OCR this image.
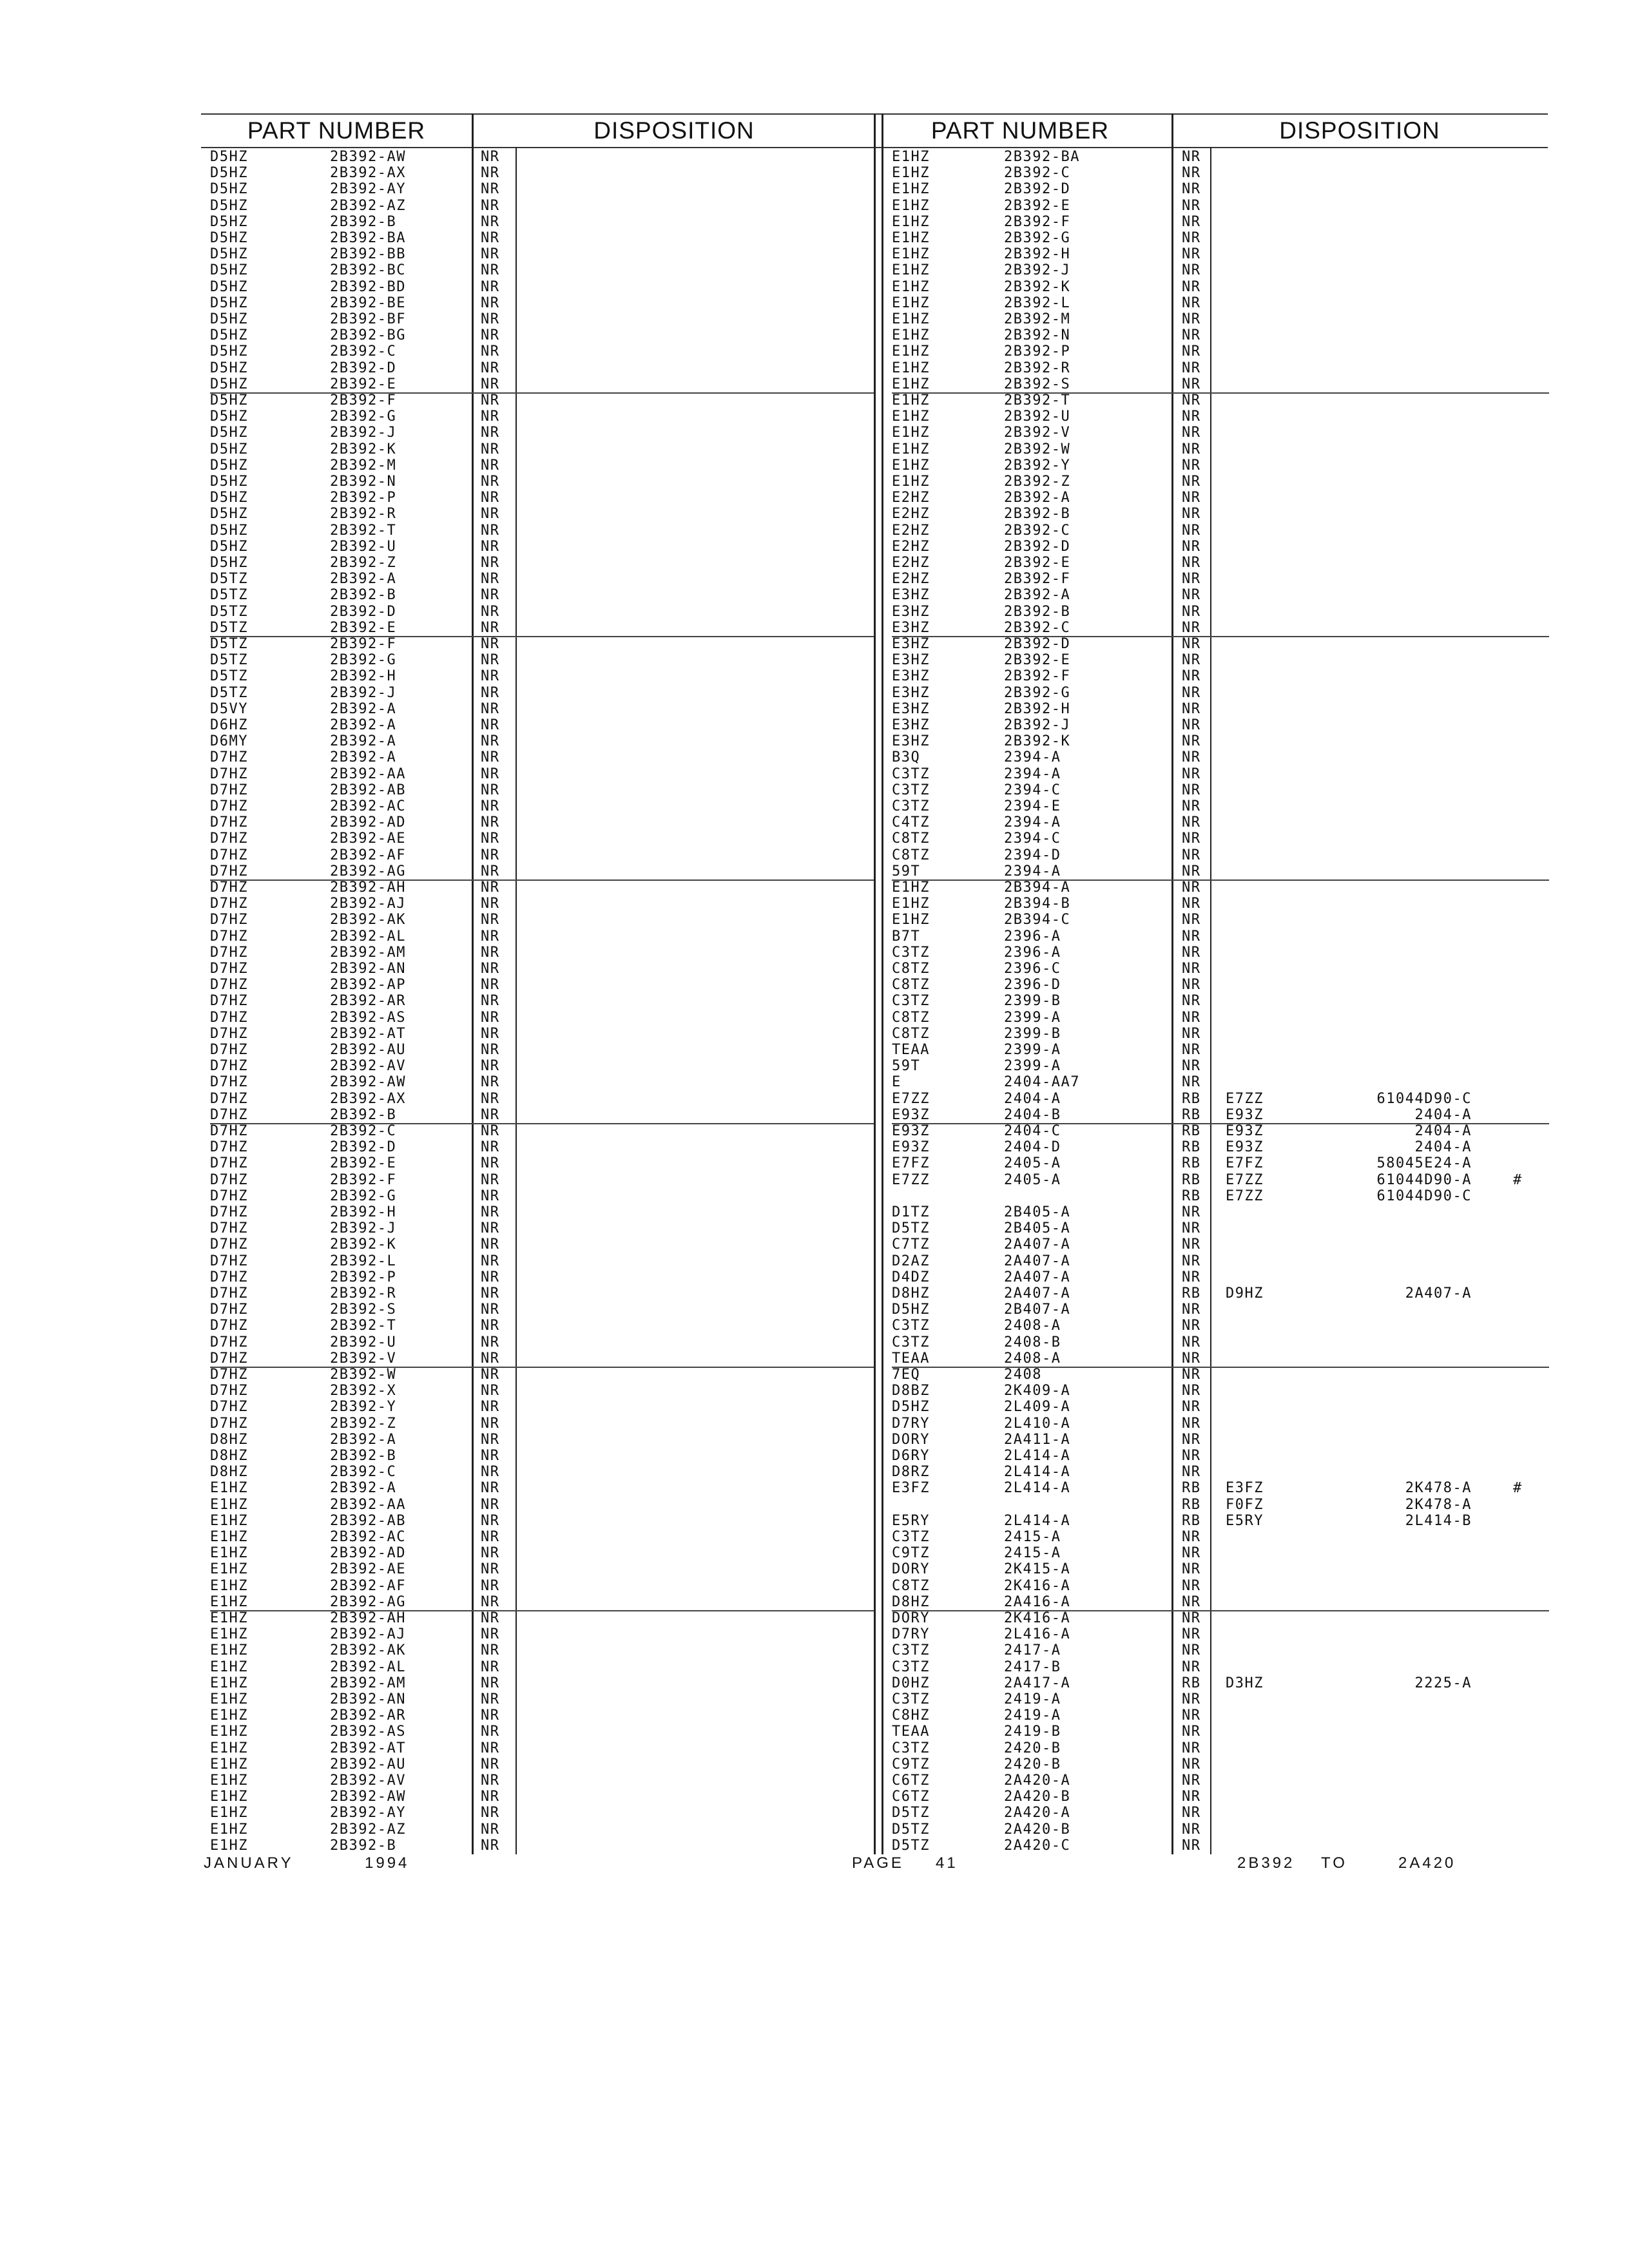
PART NUMBER	DISPOSITION	PART NUMBER	DISPOSITION
D5HZ	2B392-AW	NR
D5HZ	2B392-AX	NR
D5HZ	2B392-AY	NR
D5HZ	2B392-AZ	NR
D5HZ	2B392-B	NR
D5HZ	2B392-BA	NR
D5HZ	2B392-BB	NR
D5HZ	2B392-BC	NR
D5HZ	2B392-BD	NR
D5HZ	2B392-BE	NR
D5HZ	2B392-BF	NR
D5HZ	2B392-BG	NR
D5HZ	2B392-C	NR
D5HZ	2B392-D	NR
D5HZ	2B392-E	NR
D5HZ	2B392-F	NR
D5HZ	2B392-G	NR
D5HZ	2B392-J	NR
D5HZ	2B392-K	NR
D5HZ	2B392-M	NR
D5HZ	2B392-N	NR
D5HZ	2B392-P	NR
D5HZ	2B392-R	NR
D5HZ	2B392-T	NR
D5HZ	2B392-U	NR
D5HZ	2B392-Z	NR
D5TZ	2B392-A	NR
D5TZ	2B392-B	NR
D5TZ	2B392-D	NR
D5TZ	2B392-E	NR
D5TZ	2B392-F	NR
D5TZ	2B392-G	NR
D5TZ	2B392-H	NR
D5TZ	2B392-J	NR
D5VY	2B392-A	NR
D6HZ	2B392-A	NR
D6MY	2B392-A	NR
D7HZ	2B392-A	NR
D7HZ	2B392-AA	NR
D7HZ	2B392-AB	NR
D7HZ	2B392-AC	NR
D7HZ	2B392-AD	NR
D7HZ	2B392-AE	NR
D7HZ	2B392-AF	NR
D7HZ	2B392-AG	NR
D7HZ	2B392-AH	NR
D7HZ	2B392-AJ	NR
D7HZ	2B392-AK	NR
D7HZ	2B392-AL	NR
D7HZ	2B392-AM	NR
D7HZ	2B392-AN	NR
D7HZ	2B392-AP	NR
D7HZ	2B392-AR	NR
D7HZ	2B392-AS	NR
D7HZ	2B392-AT	NR
D7HZ	2B392-AU	NR
D7HZ	2B392-AV	NR
D7HZ	2B392-AW	NR
D7HZ	2B392-AX	NR
D7HZ	2B392-B	NR
D7HZ	2B392-C	NR
D7HZ	2B392-D	NR
D7HZ	2B392-E	NR
D7HZ	2B392-F	NR
D7HZ	2B392-G	NR
D7HZ	2B392-H	NR
D7HZ	2B392-J	NR
D7HZ	2B392-K	NR
D7HZ	2B392-L	NR
D7HZ	2B392-P	NR
D7HZ	2B392-R	NR
D7HZ	2B392-S	NR
D7HZ	2B392-T	NR
D7HZ	2B392-U	NR
D7HZ	2B392-V	NR
D7HZ	2B392-W	NR
D7HZ	2B392-X	NR
D7HZ	2B392-Y	NR
D7HZ	2B392-Z	NR
D8HZ	2B392-A	NR
D8HZ	2B392-B	NR
D8HZ	2B392-C	NR
E1HZ	2B392-A	NR
E1HZ	2B392-AA	NR
E1HZ	2B392-AB	NR
E1HZ	2B392-AC	NR
E1HZ	2B392-AD	NR
E1HZ	2B392-AE	NR
E1HZ	2B392-AF	NR
E1HZ	2B392-AG	NR
E1HZ	2B392-AH	NR
E1HZ	2B392-AJ	NR
E1HZ	2B392-AK	NR
E1HZ	2B392-AL	NR
E1HZ	2B392-AM	NR
E1HZ	2B392-AN	NR
E1HZ	2B392-AR	NR
E1HZ	2B392-AS	NR
E1HZ	2B392-AT	NR
E1HZ	2B392-AU	NR
E1HZ	2B392-AV	NR
E1HZ	2B392-AW	NR
E1HZ	2B392-AY	NR
E1HZ	2B392-AZ	NR
E1HZ	2B392-B	NR
E1HZ	2B392-BA	NR
E1HZ	2B392-C	NR
E1HZ	2B392-D	NR
E1HZ	2B392-E	NR
E1HZ	2B392-F	NR
E1HZ	2B392-G	NR
E1HZ	2B392-H	NR
E1HZ	2B392-J	NR
E1HZ	2B392-K	NR
E1HZ	2B392-L	NR
E1HZ	2B392-M	NR
E1HZ	2B392-N	NR
E1HZ	2B392-P	NR
E1HZ	2B392-R	NR
E1HZ	2B392-S	NR
E1HZ	2B392-T	NR
E1HZ	2B392-U	NR
E1HZ	2B392-V	NR
E1HZ	2B392-W	NR
E1HZ	2B392-Y	NR
E1HZ	2B392-Z	NR
E2HZ	2B392-A	NR
E2HZ	2B392-B	NR
E2HZ	2B392-C	NR
E2HZ	2B392-D	NR
E2HZ	2B392-E	NR
E2HZ	2B392-F	NR
E3HZ	2B392-A	NR
E3HZ	2B392-B	NR
E3HZ	2B392-C	NR
E3HZ	2B392-D	NR
E3HZ	2B392-E	NR
E3HZ	2B392-F	NR
E3HZ	2B392-G	NR
E3HZ	2B392-H	NR
E3HZ	2B392-J	NR
E3HZ	2B392-K	NR
B3Q	2394-A	NR
C3TZ	2394-A	NR
C3TZ	2394-C	NR
C3TZ	2394-E	NR
C4TZ	2394-A	NR
C8TZ	2394-C	NR
C8TZ	2394-D	NR
59T	2394-A	NR
E1HZ	2B394-A	NR
E1HZ	2B394-B	NR
E1HZ	2B394-C	NR
B7T	2396-A	NR
C3TZ	2396-A	NR
C8TZ	2396-C	NR
C8TZ	2396-D	NR
C3TZ	2399-B	NR
C8TZ	2399-A	NR
C8TZ	2399-B	NR
TEAA	2399-A	NR
59T	2399-A	NR
E	2404-AA7	NR
E7ZZ	2404-A	RB E7ZZ	61044D90-C
E93Z	2404-B	RB E93Z	2404-A
E93Z	2404-C	RB E93Z	2404-A
E93Z	2404-D	RB E93Z	2404-A
E7FZ	2405-A	RB E7FZ	58045E24-A
E7ZZ	2405-A	RB E7ZZ	61044D90-A	#
RB E7ZZ	61044D90-C
D1TZ	2B405-A	NR
D5TZ	2B405-A	NR
C7TZ	2A407-A	NR
D2AZ	2A407-A	NR
D4DZ	2A407-A	NR
D8HZ	2A407-A	RB D9HZ	2A407-A
D5HZ	2B407-A	NR
C3TZ	2408-A	NR
C3TZ	2408-B	NR
TEAA	2408-A	NR
7EQ	2408	NR
D8BZ	2K409-A	NR
D5HZ	2L409-A	NR
D7RY	2L410-A	NR
DORY	2A411-A	NR
D6RY	2L414-A	NR
D8RZ	2L414-A	NR
E3FZ	2L414-A	RB E3FZ	2K478-A	#
RB F0FZ	2K478-A
E5RY	2L414-A	RB E5RY	2L414-B
C3TZ	2415-A	NR
C9TZ	2415-A	NR
DORY	2K415-A	NR
C8TZ	2K416-A	NR
D8HZ	2A416-A	NR
DORY	2K416-A	NR
D7RY	2L416-A	NR
C3TZ	2417-A	NR
C3TZ	2417-B	NR
D0HZ	2A417-A	RB D3HZ	2225-A
C3TZ	2419-A	NR
C8HZ	2419-A	NR
TEAA	2419-B	NR
C3TZ	2420-B	NR
C9TZ	2420-B	NR
C6TZ	2A420-A	NR
C6TZ	2A420-B	NR
D5TZ	2A420-A	NR
D5TZ	2A420-B	NR
D5TZ	2A420-C	NR
JANUARY	1994	PAGE 41	2B392 TO	2A420
